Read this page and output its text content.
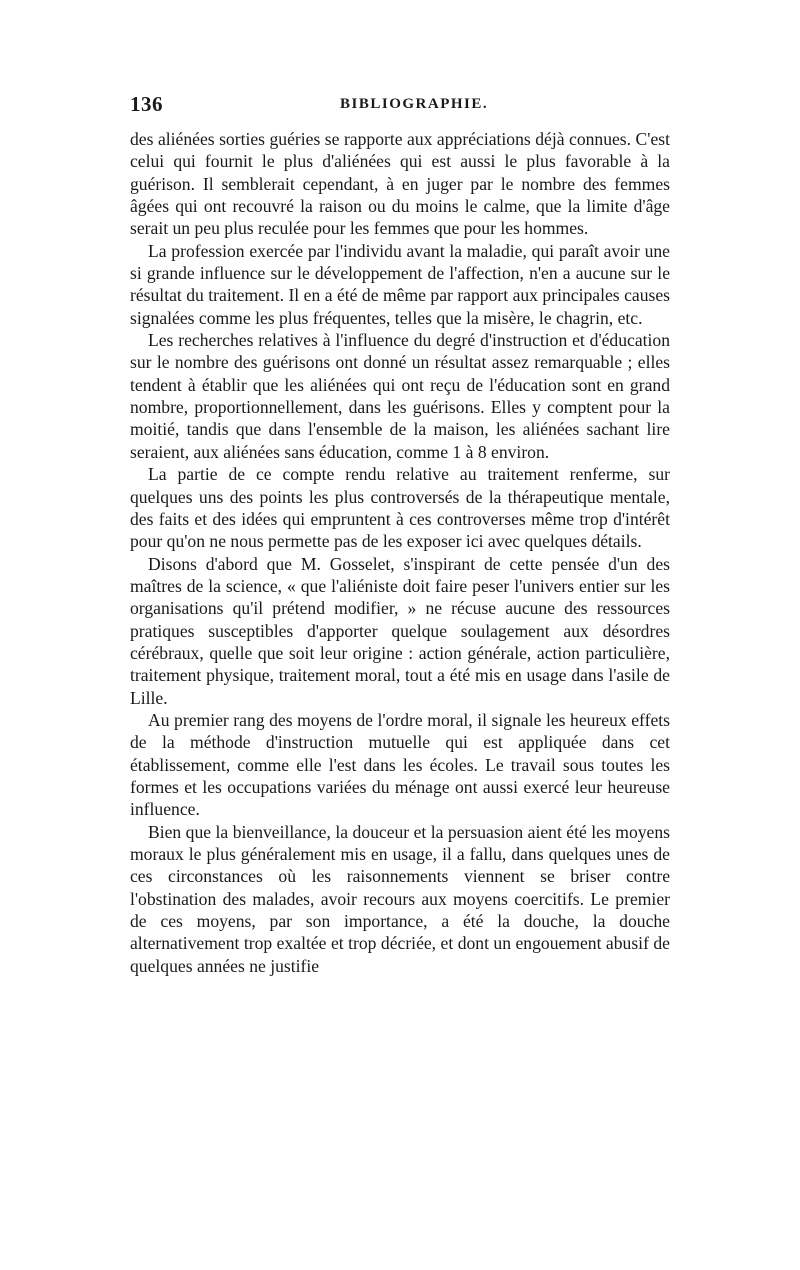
136	BIBLIOGRAPHIE.

des aliénées sorties guéries se rapporte aux appréciations déjà connues. C'est celui qui fournit le plus d'aliénées qui est aussi le plus favorable à la guérison. Il semblerait cependant, à en juger par le nombre des femmes âgées qui ont recouvré la raison ou du moins le calme, que la limite d'âge serait un peu plus reculée pour les femmes que pour les hommes.

La profession exercée par l'individu avant la maladie, qui paraît avoir une si grande influence sur le développement de l'affection, n'en a aucune sur le résultat du traitement. Il en a été de même par rapport aux principales causes signalées comme les plus fréquentes, telles que la misère, le chagrin, etc.

Les recherches relatives à l'influence du degré d'instruction et d'éducation sur le nombre des guérisons ont donné un résultat assez remarquable ; elles tendent à établir que les aliénées qui ont reçu de l'éducation sont en grand nombre, proportionnellement, dans les guérisons. Elles y comptent pour la moitié, tandis que dans l'ensemble de la maison, les aliénées sachant lire seraient, aux aliénées sans éducation, comme 1 à 8 environ.

La partie de ce compte rendu relative au traitement renferme, sur quelques uns des points les plus controversés de la thérapeutique mentale, des faits et des idées qui empruntent à ces controverses même trop d'intérêt pour qu'on ne nous permette pas de les exposer ici avec quelques détails.

Disons d'abord que M. Gosselet, s'inspirant de cette pensée d'un des maîtres de la science, « que l'aliéniste doit faire peser l'univers entier sur les organisations qu'il prétend modifier, » ne récuse aucune des ressources pratiques susceptibles d'apporter quelque soulagement aux désordres cérébraux, quelle que soit leur origine : action générale, action particulière, traitement physique, traitement moral, tout a été mis en usage dans l'asile de Lille.

Au premier rang des moyens de l'ordre moral, il signale les heureux effets de la méthode d'instruction mutuelle qui est appliquée dans cet établissement, comme elle l'est dans les écoles. Le travail sous toutes les formes et les occupations variées du ménage ont aussi exercé leur heureuse influence.

Bien que la bienveillance, la douceur et la persuasion aient été les moyens moraux le plus généralement mis en usage, il a fallu, dans quelques unes de ces circonstances où les raisonnements viennent se briser contre l'obstination des malades, avoir recours aux moyens coercitifs. Le premier de ces moyens, par son importance, a été la douche, la douche alternativement trop exaltée et trop décriée, et dont un engouement abusif de quelques années ne justifie
